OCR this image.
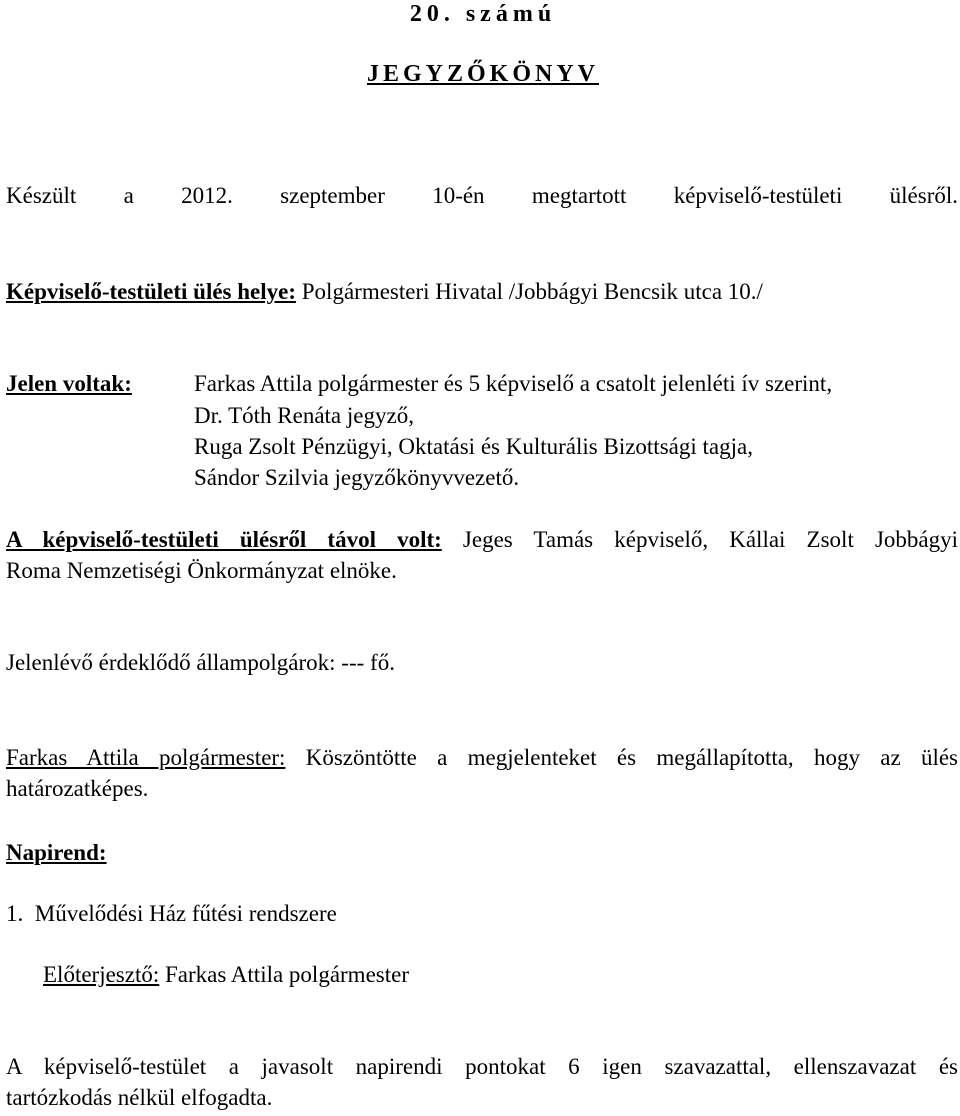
20. számú
JEGYZŐKÖNYV
Készült a 2012. szeptember 10-én megtartott képviselő-testületi ülésről.
Képviselő-testületi ülés helye: Polgármesteri Hivatal /Jobbágyi Bencsik utca 10./
Jelen voltak:	Farkas Attila polgármester és 5 képviselő a csatolt jelenléti ív szerint,
Dr. Tóth Renáta jegyző,
Ruga Zsolt Pénzügyi, Oktatási és Kulturális Bizottsági tagja,
Sándor Szilvia jegyzőkönyvvezető.
A képviselő-testületi ülésről távol volt: Jeges Tamás képviselő, Kállai Zsolt Jobbágyi
Roma Nemzetiségi Önkormányzat elnöke.
Jelenlévő érdeklődő állampolgárok: --- fő.
Farkas Attila polgármester: Köszöntötte a megjelenteket és megállapította, hogy az ülés
határozatképes.
Napirend:
1.  Művelődési Ház fűtési rendszere
Előterjesztő: Farkas Attila polgármester
A képviselő-testület a javasolt napirendi pontokat 6 igen szavazattal, ellenszavazat és
tartózkodás nélkül elfogadta.
